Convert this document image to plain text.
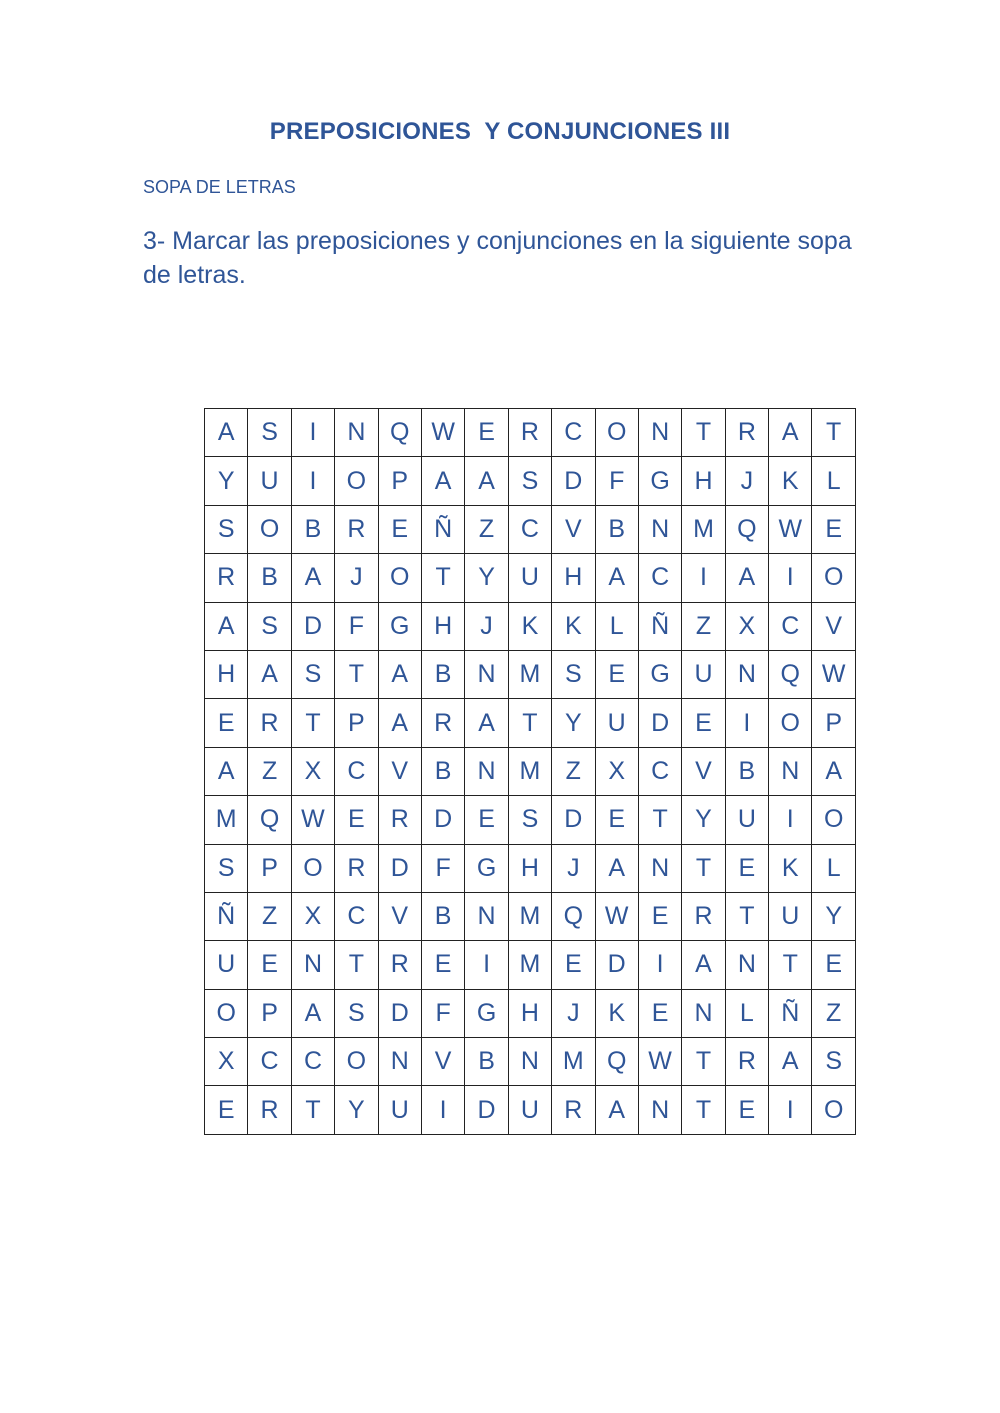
PREPOSICIONES  Y CONJUNCIONES III
SOPA DE LETRAS
3- Marcar las preposiciones y conjunciones en la siguiente sopa de letras.
A	S	I	N	Q	W	E	R	C	O	N	T	R	A	T
Y	U	I	O	P	A	A	S	D	F	G	H	J	K	L
S	O	B	R	E	Ñ	Z	C	V	B	N	M	Q	W	E
R	B	A	J	O	T	Y	U	H	A	C	I	A	I	O
A	S	D	F	G	H	J	K	K	L	Ñ	Z	X	C	V
H	A	S	T	A	B	N	M	S	E	G	U	N	Q	W
E	R	T	P	A	R	A	T	Y	U	D	E	I	O	P
A	Z	X	C	V	B	N	M	Z	X	C	V	B	N	A
M	Q	W	E	R	D	E	S	D	E	T	Y	U	I	O
S	P	O	R	D	F	G	H	J	A	N	T	E	K	L
Ñ	Z	X	C	V	B	N	M	Q	W	E	R	T	U	Y
U	E	N	T	R	E	I	M	E	D	I	A	N	T	E
O	P	A	S	D	F	G	H	J	K	E	N	L	Ñ	Z
X	C	C	O	N	V	B	N	M	Q	W	T	R	A	S
E	R	T	Y	U	I	D	U	R	A	N	T	E	I	O
